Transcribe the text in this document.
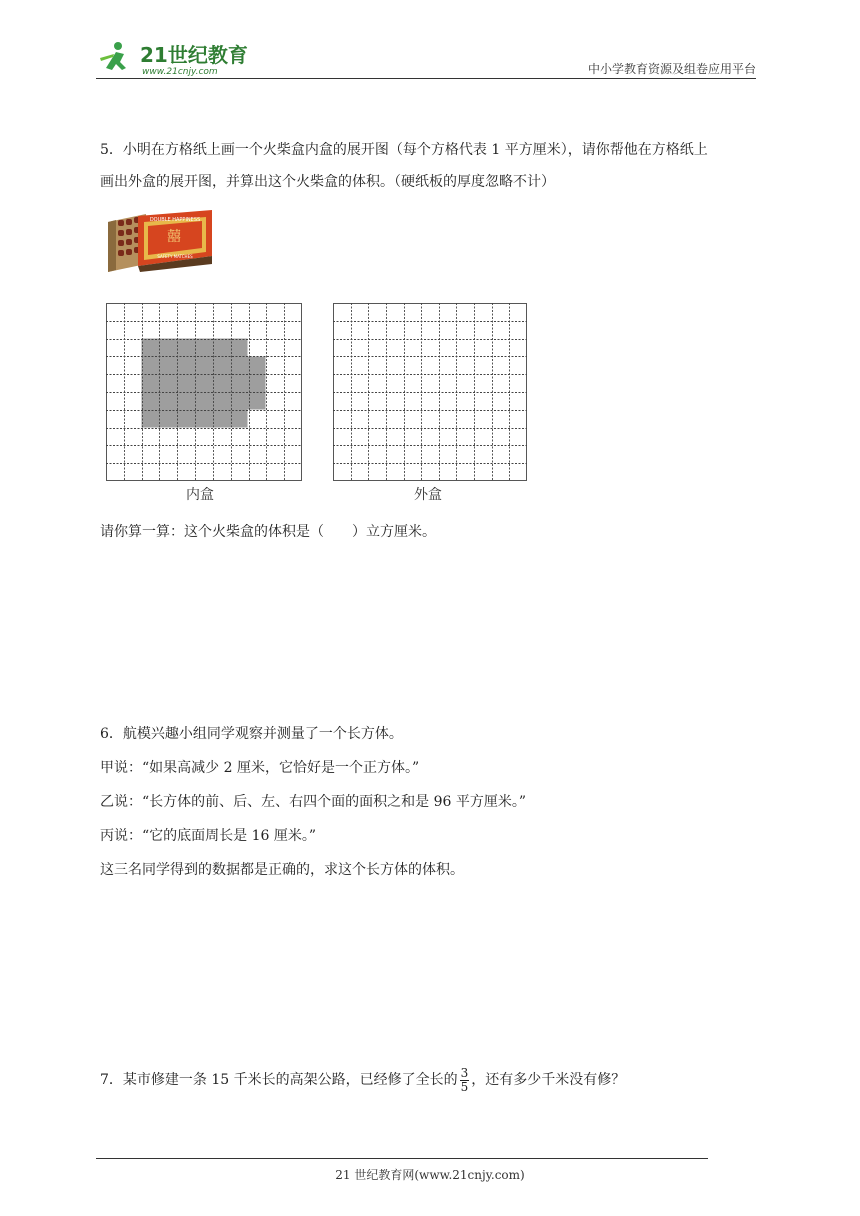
21世纪教育
www.21cnjy.com	中小学教育资源及组卷应用平台
5．小明在方格纸上画一个火柴盒内盒的展开图（每个方格代表 1 平方厘米），请你帮他在方格纸上
画出外盒的展开图，并算出这个火柴盒的体积。（硬纸板的厚度忽略不计）
囍
DOUBLE HAPPINESS
SAFETY MATCHES
内盒	外盒
请你算一算：这个火柴盒的体积是（　　）立方厘米。
6．航模兴趣小组同学观察并测量了一个长方体。
甲说：“如果高减少 2 厘米，它恰好是一个正方体。”
乙说：“长方体的前、后、左、右四个面的面积之和是 96 平方厘米。”
丙说：“它的底面周长是 16 厘米。”
这三名同学得到的数据都是正确的，求这个长方体的体积。
7．某市修建一条 15 千米长的高架公路，已经修了全长的 $\frac{3}{5}$ ，还有多少千米没有修？
21 世纪教育网(www.21cnjy.com)
